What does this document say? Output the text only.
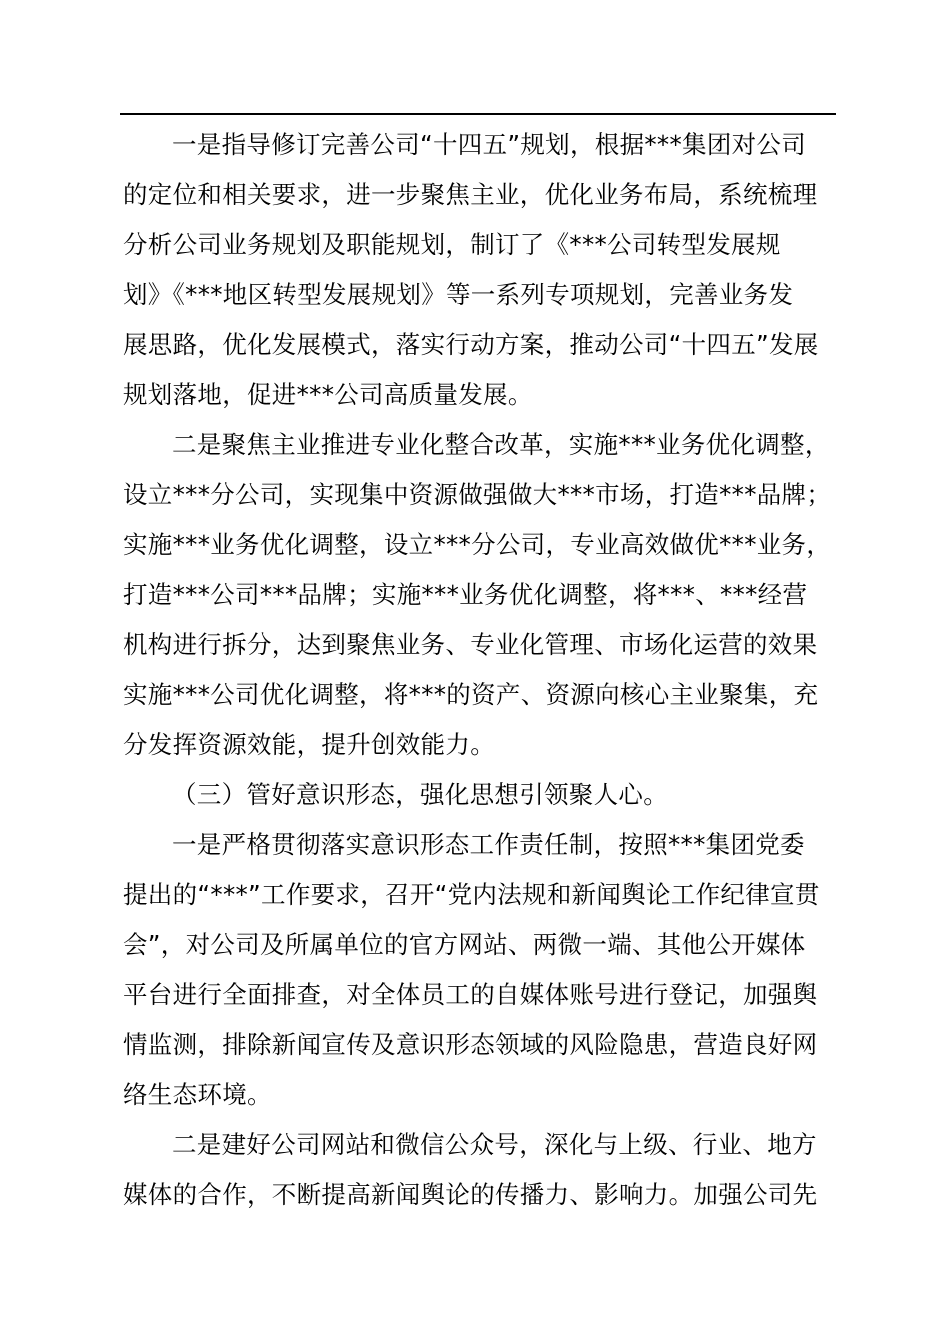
一是指导修订完善公司“十四五”规划，根据***集团对公司
的定位和相关要求，进一步聚焦主业，优化业务布局，系统梳理
分析公司业务规划及职能规划，制订了《***公司转型发展规
划》《***地区转型发展规划》等一系列专项规划，完善业务发
展思路，优化发展模式，落实行动方案，推动公司“十四五”发展
规划落地，促进***公司高质量发展。
二是聚焦主业推进专业化整合改革，实施***业务优化调整，
设立***分公司，实现集中资源做强做大***市场，打造***品牌；
实施***业务优化调整，设立***分公司，专业高效做优***业务，
打造***公司***品牌；实施***业务优化调整，将***、***经营
机构进行拆分，达到聚焦业务、专业化管理、市场化运营的效果
实施***公司优化调整，将***的资产、资源向核心主业聚集，充
分发挥资源效能，提升创效能力。
（三）管好意识形态，强化思想引领聚人心。
一是严格贯彻落实意识形态工作责任制，按照***集团党委
提出的“***”工作要求，召开“党内法规和新闻舆论工作纪律宣贯
会”，对公司及所属单位的官方网站、两微一端、其他公开媒体
平台进行全面排查，对全体员工的自媒体账号进行登记，加强舆
情监测，排除新闻宣传及意识形态领域的风险隐患，营造良好网
络生态环境。
二是建好公司网站和微信公众号，深化与上级、行业、地方
媒体的合作，不断提高新闻舆论的传播力、影响力。加强公司先
